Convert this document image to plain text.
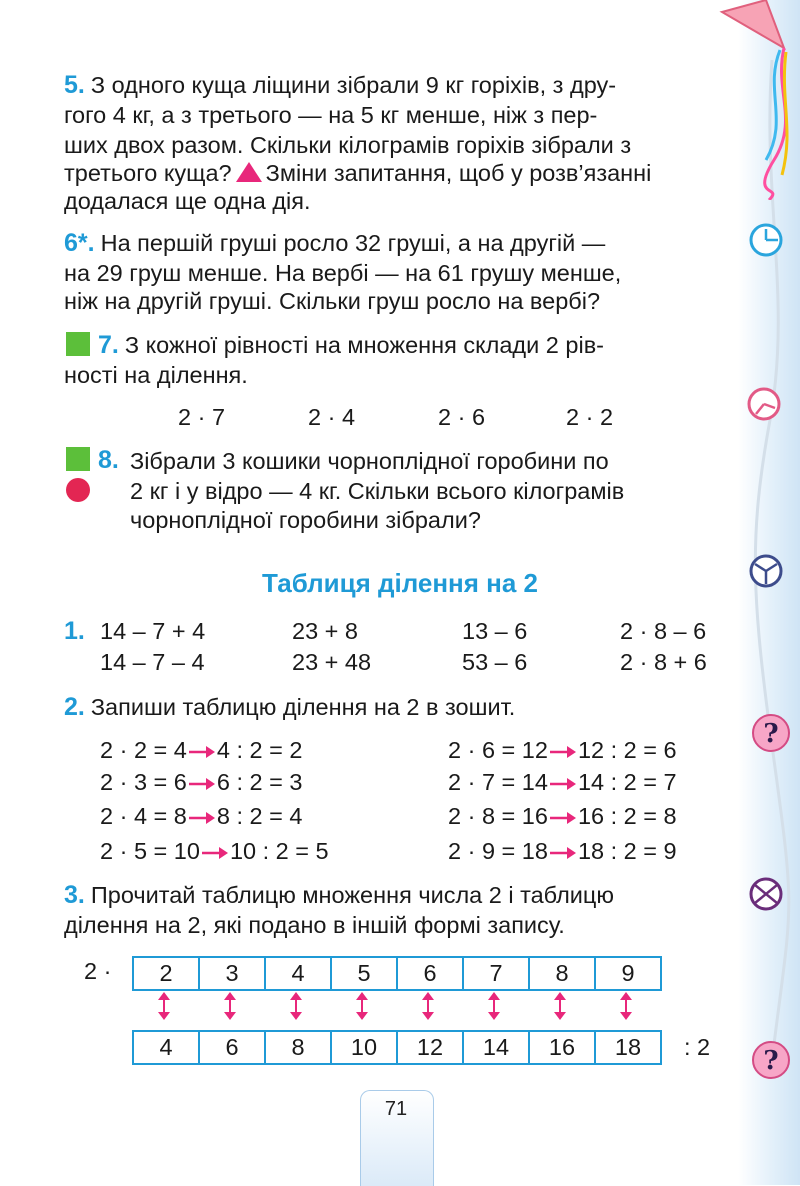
?
?

5. З одного куща ліщини зібрали 9 кг горіхів, з дру-

гого 4 кг, а з третього — на 5 кг менше, ніж з пер-

ших двох разом. Скільки кілограмів горіхів зібрали з

третього куща? Зміни запитання, щоб у розв’язанні

додалася ще одна дія.

6*. На першій груші росло 32 груші, а на другій —

на 29 груш менше. На вербі — на 61 грушу менше,

ніж на другій груші. Скільки груш росло на вербі?

7. З кожної рівності на множення склади 2 рів-

ності на ділення.

2 · 7	2 · 4	2 · 6	2 · 2
8. Зібрали 3 кошики чорноплідної горобини по

2 кг і у відро — 4 кг. Скільки всього кілограмів

чорноплідної горобини зібрали?

Таблиця ділення на 2
1. 14 – 7 + 4	23 + 8	13 – 6	2 · 8 – 6
14 – 7 – 4	23 + 48	53 – 6	2 · 8 + 6
2. Запиши таблицю ділення на 2 в зошит.
2 · 2 = 4 4 : 2 = 2
2 · 3 = 6 6 : 2 = 3
2 · 4 = 8 8 : 2 = 4
2 · 5 = 10 10 : 2 = 5
2 · 6 = 12 12 : 2 = 6
2 · 7 = 14 14 : 2 = 7
2 · 8 = 16 16 : 2 = 8
2 · 9 = 18 18 : 2 = 9

3. Прочитай таблицю множення числа 2 і таблицю

ділення на 2, які подано в іншій формі запису.

2 · 2	3	4	5	6	7	8	9
4	6	8	10	12	14	16	18 : 2
71
